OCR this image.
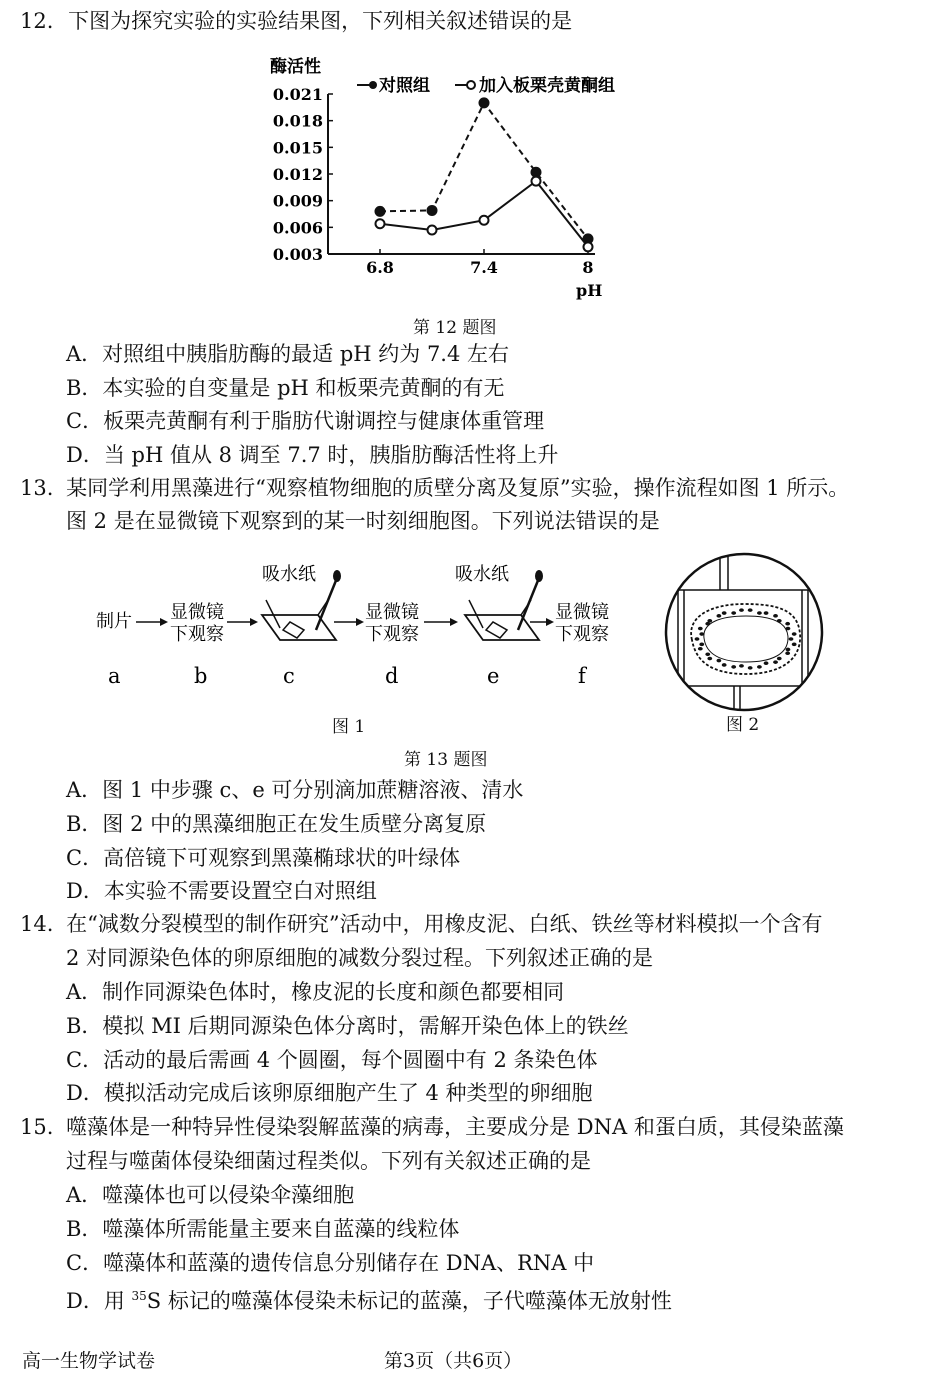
12. 下图为探究实验的实验结果图，下列相关叙述错误的是
酶活性
对照组	加入板栗壳黄酮组
pH
0.021
0.018
0.015
0.012
0.009
0.006
0.003
6.8	7.4	8
第 12 题图
A．对照组中胰脂肪酶的最适 pH 约为 7.4 左右
B．本实验的自变量是 pH 和板栗壳黄酮的有无
C．板栗壳黄酮有利于脂肪代谢调控与健康体重管理
D．当 pH 值从 8 调至 7.7 时，胰脂肪酶活性将上升
13. 某同学利用黑藻进行“观察植物细胞的质壁分离及复原”实验，操作流程如图 1 所示。
图 2 是在显微镜下观察到的某一时刻细胞图。下列说法错误的是
制片 显微镜
下观察
吸水纸
显微镜
下观察
吸水纸
显微镜
下观察
a	b	c	d	e	f
图 1	图 2
第 13 题图
A．图 1 中步骤 c、e 可分别滴加蔗糖溶液、清水
B．图 2 中的黑藻细胞正在发生质壁分离复原
C．高倍镜下可观察到黑藻椭球状的叶绿体
D．本实验不需要设置空白对照组
14. 在“减数分裂模型的制作研究”活动中，用橡皮泥、白纸、铁丝等材料模拟一个含有
2 对同源染色体的卵原细胞的减数分裂过程。下列叙述正确的是
A．制作同源染色体时，橡皮泥的长度和颜色都要相同
B．模拟 MI 后期同源染色体分离时，需解开染色体上的铁丝
C．活动的最后需画 4 个圆圈，每个圆圈中有 2 条染色体
D．模拟活动完成后该卵原细胞产生了 4 种类型的卵细胞
15. 噬藻体是一种特异性侵染裂解蓝藻的病毒，主要成分是 DNA 和蛋白质，其侵染蓝藻
过程与噬菌体侵染细菌过程类似。下列有关叙述正确的是
A．噬藻体也可以侵染伞藻细胞
B．噬藻体所需能量主要来自蓝藻的线粒体
C．噬藻体和蓝藻的遗传信息分别储存在 DNA、RNA 中
D．用 $^{35}$S 标记的噬藻体侵染未标记的蓝藻，子代噬藻体无放射性
高一生物学试卷	第3页（共6页）
